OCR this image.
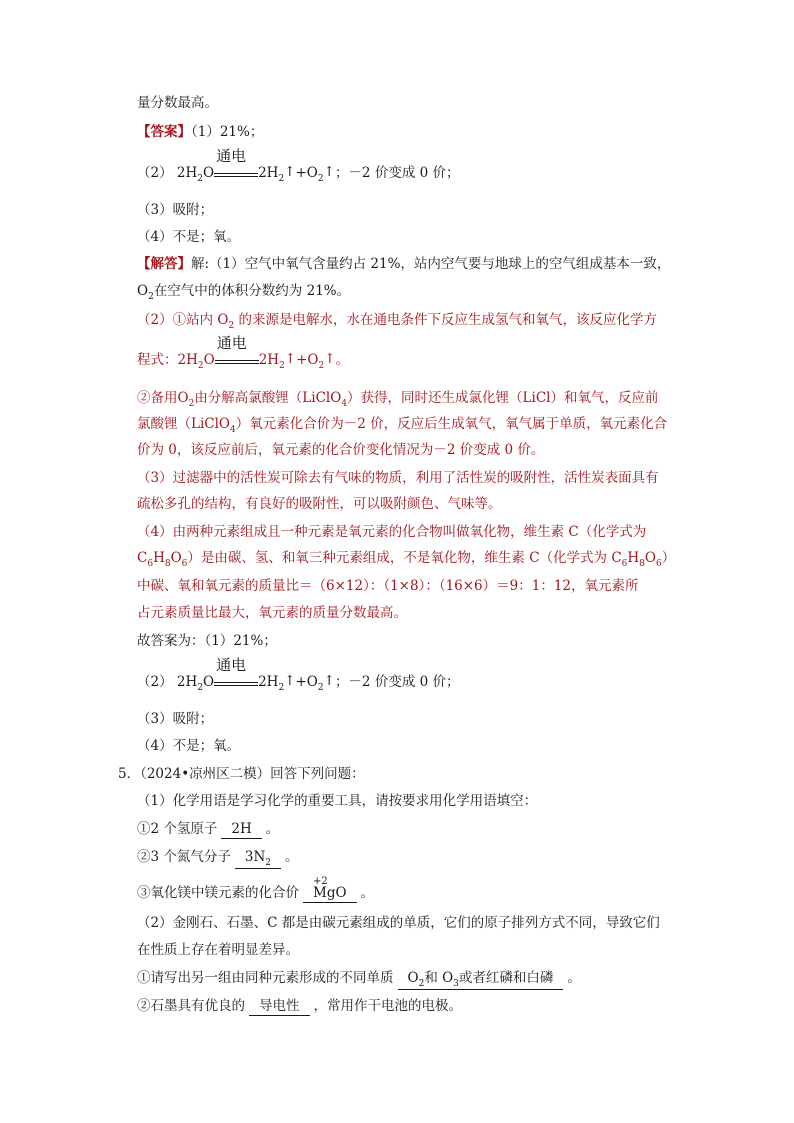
量分数最高。
【答案】（1）21%；
（2） $2H_2O$
通电
$2H_2↑+O_2↑$；－2 价变成 0 价；
（3）吸附；
（4）不是；氧。
【解答】解:（1）空气中氧气含量约占 21%，站内空气要与地球上的空气组成基本一致，
$O_2$在空气中的体积分数约为 21%。
（2）①站内 $O_2$ 的来源是电解水，水在通电条件下反应生成氢气和氧气，该反应化学方
程式：$2H_2O$
通电
$2H_2↑+O_2↑$。
②备用$O_2$由分解高氯酸锂（LiClO$_4$）获得，同时还生成氯化锂（LiCl）和氧气，反应前
氯酸锂（LiClO$_4$）氧元素化合价为－2 价，反应后生成氧气，氧气属于单质，氧元素化合
价为 0，该反应前后，氧元素的化合价变化情况为－2 价变成 0 价。
（3）过滤器中的活性炭可除去有气味的物质，利用了活性炭的吸附性，活性炭表面具有
疏松多孔的结构，有良好的吸附性，可以吸附颜色、气味等。
（4）由两种元素组成且一种元素是氧元素的化合物叫做氧化物，维生素 C（化学式为
$C_6H_8O_6$）是由碳、氢、和氧三种元素组成，不是氧化物，维生素 C（化学式为 $C_6H_8O_6$）
中碳、氧和氧元素的质量比＝（6×12）：（1×8）：（16×6）＝9：1：12，氧元素所
占元素质量比最大，氧元素的质量分数最高。
故答案为：（1）21%；
（2） $2H_2O$
通电
$2H_2↑+O_2↑$；－2 价变成 0 价；
（3）吸附；
（4）不是；氧。
5．（2024•凉州区二模）回答下列问题：
（1）化学用语是学习化学的重要工具，请按要求用化学用语填空：
①2 个氢原子 2H 。
②3 个氮气分子 $3N_2$ 。
③氧化镁中镁元素的化合价
+2
MgO 。
（2）金刚石、石墨、C 都是由碳元素组成的单质，它们的原子排列方式不同，导致它们
在性质上存在着明显差异。
①请写出另一组由同种元素形成的不同单质 $O_2$和 $O_3$或者红磷和白磷 。
②石墨具有优良的 导电性 ，常用作干电池的电极。
